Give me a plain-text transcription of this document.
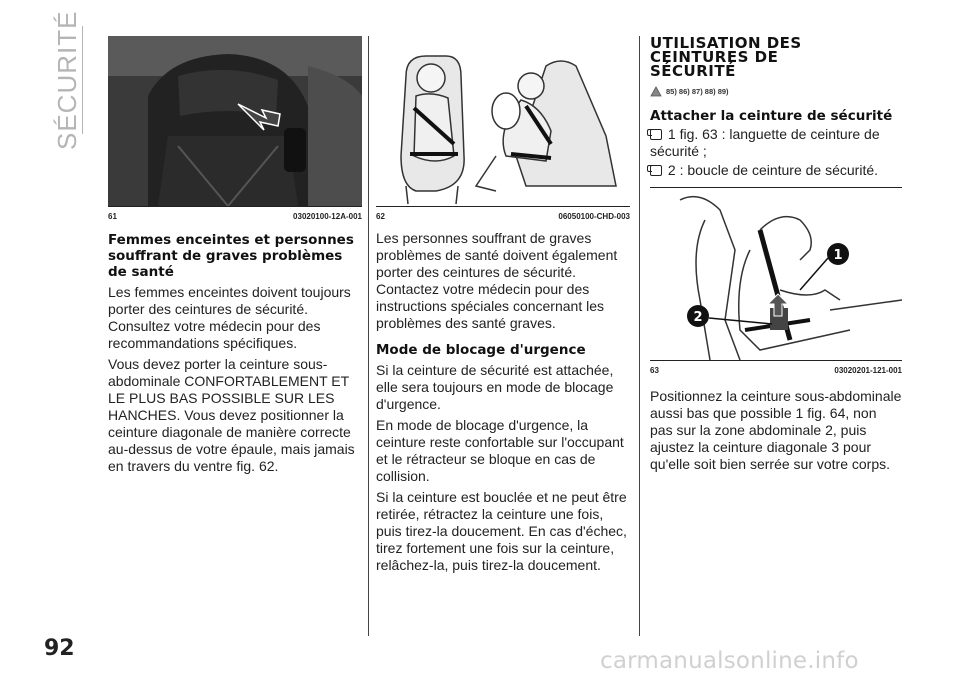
SÉCURITÉ
61	03020100-12A-001
Femmes enceintes et personnes souffrant de graves problèmes de santé

Les femmes enceintes doivent toujours porter des ceintures de sécurité. Consultez votre médecin pour des recommandations spécifiques.

Vous devez porter la ceinture sous-abdominale CONFORTABLEMENT ET LE PLUS BAS POSSIBLE SUR LES HANCHES. Vous devez positionner la ceinture diagonale de manière correcte au-dessus de votre épaule, mais jamais en travers du ventre fig. 62.

62	06050100-CHD-003

Les personnes souffrant de graves problèmes de santé doivent également porter des ceintures de sécurité. Contactez votre médecin pour des instructions spéciales concernant les problèmes des santé graves.

Mode de blocage d'urgence

Si la ceinture de sécurité est attachée, elle sera toujours en mode de blocage d'urgence.

En mode de blocage d'urgence, la ceinture reste confortable sur l'occupant et le rétracteur se bloque en cas de collision.

Si la ceinture est bouclée et ne peut être retirée, rétractez la ceinture une fois, puis tirez-la doucement. En cas d'échec, tirez fortement une fois sur la ceinture, relâchez-la, puis tirez-la doucement.

UTILISATION DES
CEINTURES DE
SÉCURITÉ
85) 86) 87) 88) 89)
Attacher la ceinture de sécurité

1 fig. 63 : languette de ceinture de sécurité ;

2 : boucle de ceinture de sécurité.

1
2
63	03020201-121-001

Positionnez la ceinture sous-abdominale aussi bas que possible 1 fig. 64, non pas sur la zone abdominale 2, puis ajustez la ceinture diagonale 3 pour qu'elle soit bien serrée sur votre corps.

92	carmanualsonline.info
